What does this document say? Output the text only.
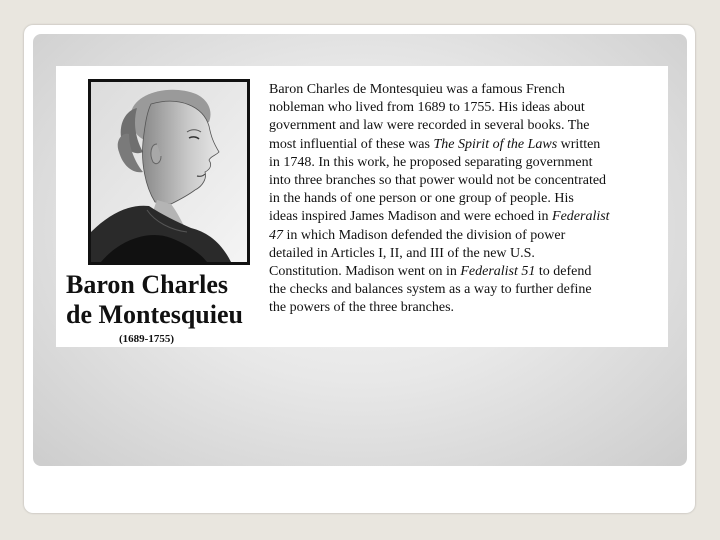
Baron Charles
de Montesquieu
(1689-1755)
Baron Charles de Montesquieu was a famous French
nobleman who lived from 1689 to 1755. His ideas about
government and law were recorded in several books. The
most influential of these was The Spirit of the Laws written
in 1748. In this work, he proposed separating government
into three branches so that power would not be concentrated
in the hands of one person or one group of people. His
ideas inspired James Madison and were echoed in Federalist
47 in which Madison defended the division of power
detailed in Articles I, II, and III of the new U.S.
Constitution. Madison went on in Federalist 51 to defend
the checks and balances system as a way to further define
the powers of the three branches.
